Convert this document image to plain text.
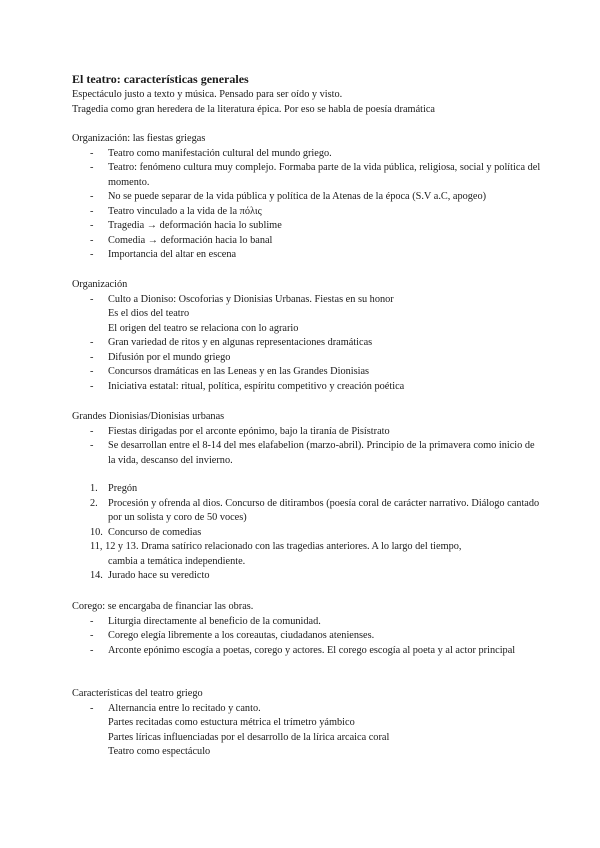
El teatro: características generales
Espectáculo justo a texto y música. Pensado para ser oído y visto.
Tragedia como gran heredera de la literatura épica. Por eso se habla de poesía dramática
Organización: las fiestas griegas
- Teatro como manifestación cultural del mundo griego.
- Teatro: fenómeno cultura muy complejo. Formaba parte de la vida pública, religiosa, social y política del momento.
- No se puede separar de la vida pública y política de la Atenas de la época (S.V a.C, apogeo)
- Teatro vinculado a la vida de la πόλις
- Tragedia → deformación hacia lo sublime
- Comedia → deformación hacia lo banal
- Importancia del altar en escena
Organización
- Culto a Dioniso: Oscoforias y Dionisias Urbanas. Fiestas en su honor
Es el dios del teatro
El origen del teatro se relaciona con lo agrario
- Gran variedad de ritos y en algunas representaciones dramáticas
- Difusión por el mundo griego
- Concursos dramáticas en las Leneas y en las Grandes Dionisias
- Iniciativa estatal: ritual, política, espíritu competitivo y creación poética
Grandes Dionisias/Dionisias urbanas
- Fiestas dirigadas por el arconte epónimo, bajo la tiranía de Pisístrato
- Se desarrollan entre el 8-14 del mes elafabelion (marzo-abril). Principio de la primavera como inicio de la vida, descanso del invierno.
1. Pregón
2. Procesión y ofrenda al dios. Concurso de ditirambos (poesía coral de carácter narrativo. Diálogo cantado por un solista y coro de 50 voces)
10. Concurso de comedias
11, 12 y 13. Drama satírico relacionado con las tragedias anteriores. A lo largo del tiempo,
cambia a temática independiente.
14. Jurado hace su veredicto
Corego: se encargaba de financiar las obras.
- Liturgia directamente al beneficio de la comunidad.
- Corego elegía libremente a los coreautas, ciudadanos atenienses.
- Arconte epónimo escogía a poetas, corego y actores. El corego escogía al poeta y al actor principal
Características del teatro griego
- Alternancia entre lo recitado y canto.
Partes recitadas como estuctura métrica el trímetro yámbico
Partes líricas influenciadas por el desarrollo de la lírica arcaica coral
Teatro como espectáculo
